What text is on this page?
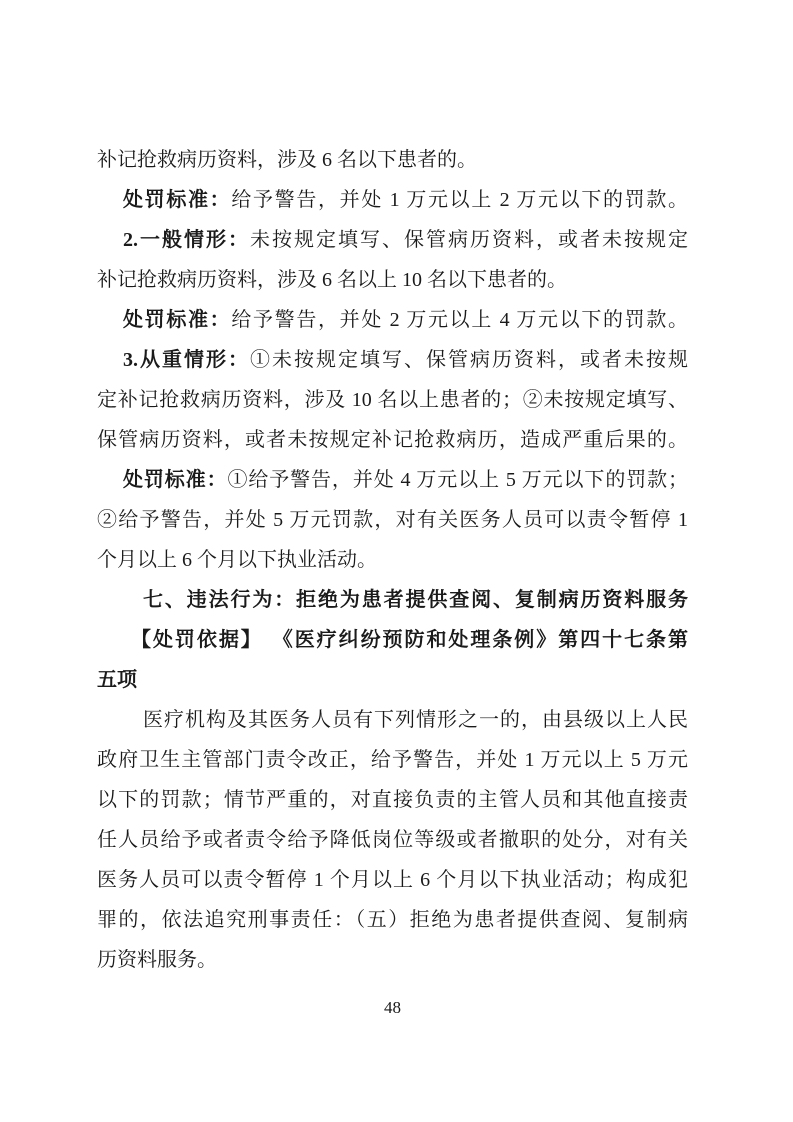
补记抢救病历资料，涉及 6 名以下患者的。
处罚标准：给予警告，并处 1 万元以上 2 万元以下的罚款。
2.一般情形：未按规定填写、保管病历资料，或者未按规定
补记抢救病历资料，涉及 6 名以上 10 名以下患者的。
处罚标准：给予警告，并处 2 万元以上 4 万元以下的罚款。
3.从重情形：①未按规定填写、保管病历资料，或者未按规
定补记抢救病历资料，涉及 10 名以上患者的；②未按规定填写、
保管病历资料，或者未按规定补记抢救病历，造成严重后果的。
处罚标准：①给予警告，并处 4 万元以上 5 万元以下的罚款；
②给予警告，并处 5 万元罚款，对有关医务人员可以责令暂停 1
个月以上 6 个月以下执业活动。
七、违法行为：拒绝为患者提供查阅、复制病历资料服务
【处罚依据】 《医疗纠纷预防和处理条例》第四十七条第
五项
医疗机构及其医务人员有下列情形之一的，由县级以上人民
政府卫生主管部门责令改正，给予警告，并处 1 万元以上 5 万元
以下的罚款；情节严重的，对直接负责的主管人员和其他直接责
任人员给予或者责令给予降低岗位等级或者撤职的处分，对有关
医务人员可以责令暂停 1 个月以上 6 个月以下执业活动；构成犯
罪的，依法追究刑事责任：（五）拒绝为患者提供查阅、复制病
历资料服务。
48
